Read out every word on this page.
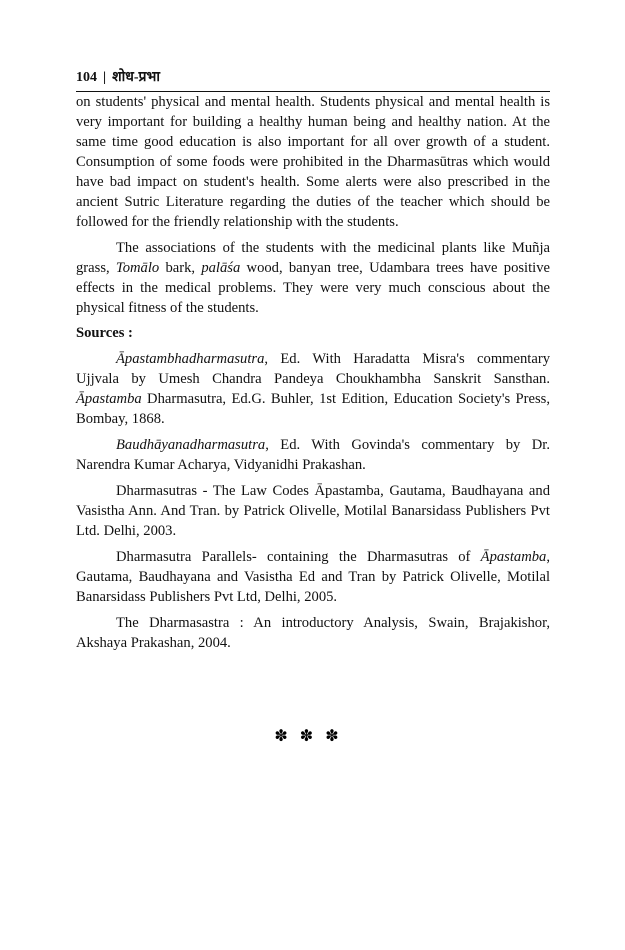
104 | शोध-प्रभा

on students' physical and mental health. Students physical and mental health is very important for building a healthy human being and healthy nation. At the same time good education is also important for all over growth of a student. Consumption of some foods were prohibited in the Dharmasūtras which would have bad impact on student's health. Some alerts were also prescribed in the ancient Sutric Literature regarding the duties of the teacher which should be followed for the friendly relationship with the students.

The associations of the students with the medicinal plants like Muñja grass, Tomālo bark, palāśa wood, banyan tree, Udambara trees have positive effects in the medical problems. They were very much conscious about the physical fitness of the students.

Sources :

Āpastambhadharmasutra, Ed. With Haradatta Misra's commentary Ujjvala by Umesh Chandra Pandeya Choukhambha Sanskrit Sansthan. Āpastamba Dharmasutra, Ed.G. Buhler, 1st Edition, Education Society's Press, Bombay, 1868.

Baudhāyanadharmasutra, Ed. With Govinda's commentary by Dr. Narendra Kumar Acharya, Vidyanidhi Prakashan.

Dharmasutras - The Law Codes Āpastamba, Gautama, Baudhayana and Vasistha Ann. And Tran. by Patrick Olivelle, Motilal Banarsidass Publishers Pvt Ltd. Delhi, 2003.

Dharmasutra Parallels- containing the Dharmasutras of Āpastamba, Gautama, Baudhayana and Vasistha Ed and Tran by Patrick Olivelle, Motilal Banarsidass Publishers Pvt Ltd, Delhi, 2005.

The Dharmasastra : An introductory Analysis, Swain, Brajakishor, Akshaya Prakashan, 2004.

✽✽✽
